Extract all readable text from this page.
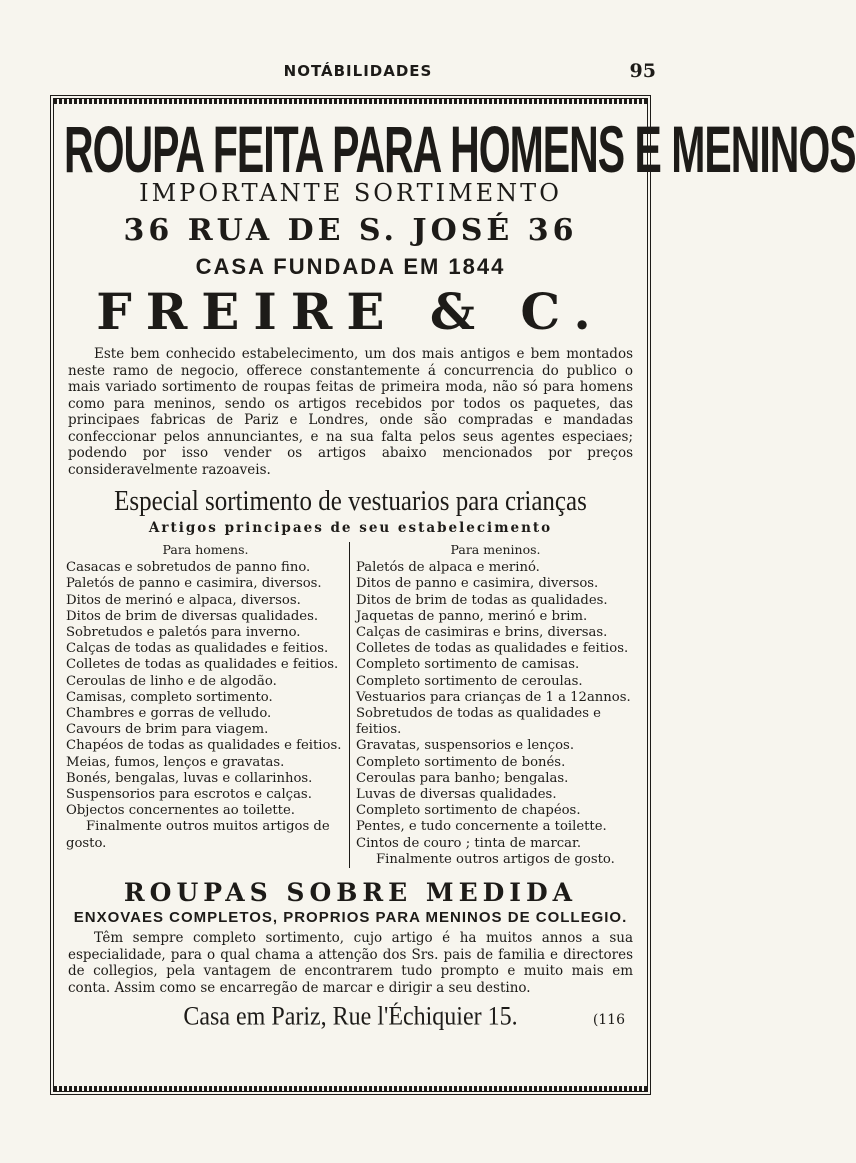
NOTÁBILIDADES	95
ROUPA FEITA PARA HOMENS E MENINOS
IMPORTANTE SORTIMENTO
36 RUA DE S. JOSÉ 36
CASA FUNDADA EM 1844
FREIRE & C.

Este bem conhecido estabelecimento, um dos mais antigos e bem montados neste ramo de negocio, offerece constantemente á concurrencia do publico o mais variado sortimento de roupas feitas de primeira moda, não só para homens como para meninos, sendo os artigos recebidos por todos os paquetes, das principaes fabricas de Pariz e Londres, onde são compradas e mandadas confeccionar pelos annunciantes, e na sua falta pelos seus agentes especiaes; podendo por isso vender os artigos abaixo mencionados por preços consideravelmente razoaveis.

Especial sortimento de vestuarios para crianças
Artigos principaes de seu estabelecimento
Para homens.
Casacas e sobretudos de panno fino.
Paletós de panno e casimira, diversos.
Ditos de merinó e alpaca, diversos.
Ditos de brim de diversas qualidades.
Sobretudos e paletós para inverno.
Calças de todas as qualidades e feitios.
Colletes de todas as qualidades e feitios.
Ceroulas de linho e de algodão.
Camisas, completo sortimento.
Chambres e gorras de velludo.
Cavours de brim para viagem.
Chapéos de todas as qualidades e feitios.
Meias, fumos, lenços e gravatas.
Bonés, bengalas, luvas e collarinhos.
Suspensorios para escrotos e calças.
Objectos concernentes ao toilette.
Finalmente outros muitos artigos de gosto.
Para meninos.
Paletós de alpaca e merinó.
Ditos de panno e casimira, diversos.
Ditos de brim de todas as qualidades.
Jaquetas de panno, merinó e brim.
Calças de casimiras e brins, diversas.
Colletes de todas as qualidades e feitios.
Completo sortimento de camisas.
Completo sortimento de ceroulas.
Vestuarios para crianças de 1 a 12annos.
Sobretudos de todas as qualidades e feitios.
Gravatas, suspensorios e lenços.
Completo sortimento de bonés.
Ceroulas para banho; bengalas.
Luvas de diversas qualidades.
Completo sortimento de chapéos.
Pentes, e tudo concernente a toilette.
Cintos de couro ; tinta de marcar.
Finalmente outros artigos de gosto.
ROUPAS SOBRE MEDIDA
ENXOVAES COMPLETOS, PROPRIOS PARA MENINOS DE COLLEGIO.

Têm sempre completo sortimento, cujo artigo é ha muitos annos a sua especialidade, para o qual chama a attenção dos Srs. pais de familia e directores de collegios, pela vantagem de encontrarem tudo prompto e muito mais em conta. Assim como se encarregão de marcar e dirigir a seu destino.

Casa em Pariz, Rue l'Échiquier 15.	(116
